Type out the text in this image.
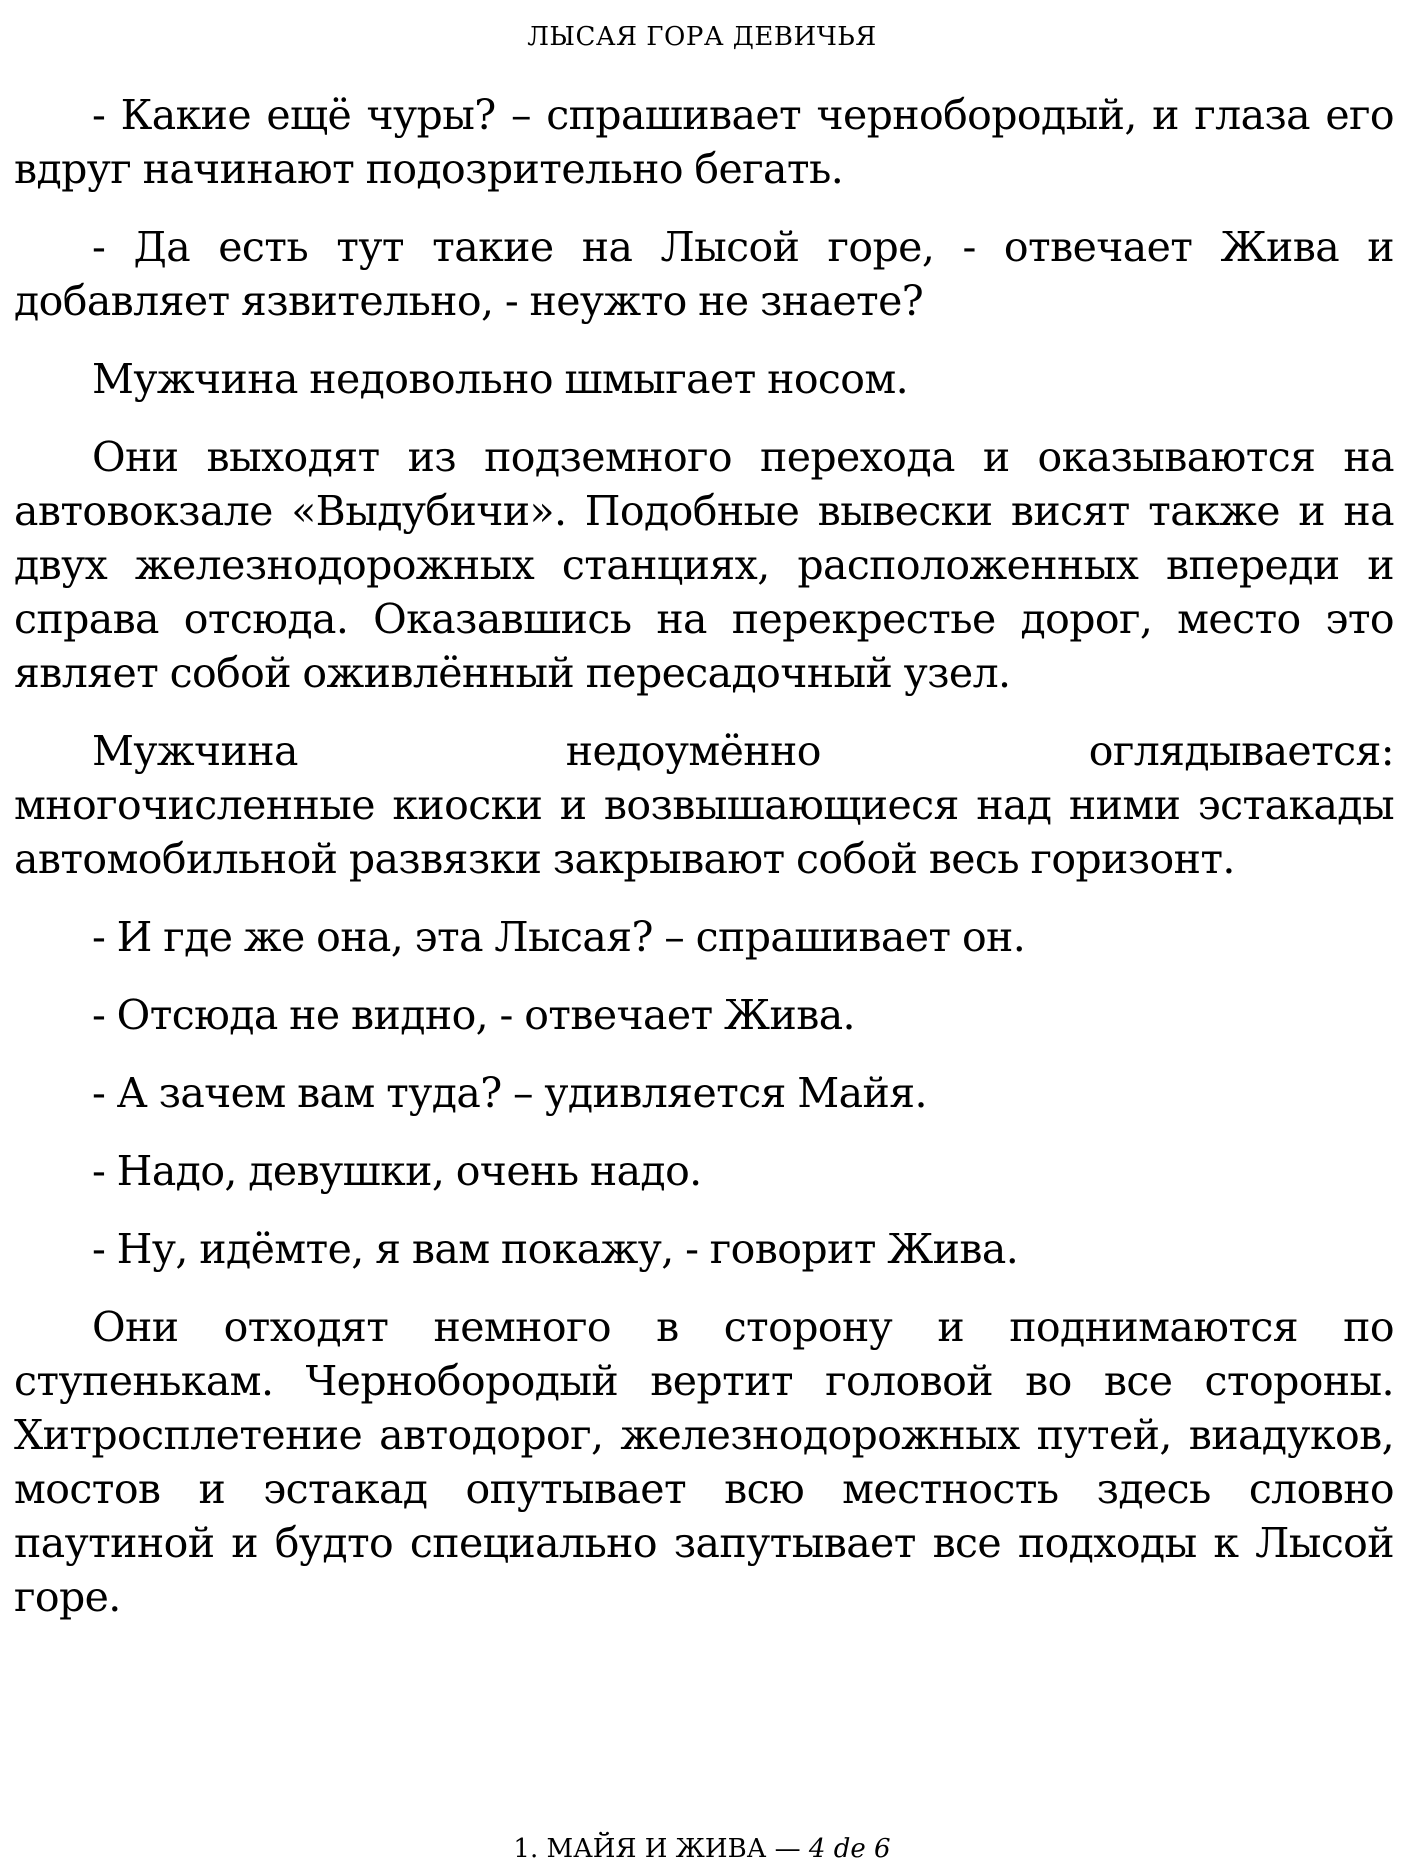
ЛЫСАЯ ГОРА ДЕВИЧЬЯ

- Какие ещё чуры? – спрашивает чернобородый, и глаза его вдруг начинают подозрительно бегать.

- Да есть тут такие на Лысой горе, - отвечает Жива и добавляет язвительно, - неужто не знаете?

Мужчина недовольно шмыгает носом.

Они выходят из подземного перехода и оказываются на автовокзале «Выдубичи». Подобные вывески висят также и на двух железнодорожных станциях, расположенных впереди и справа отсюда. Оказавшись на перекрестье дорог, место это являет собой оживлённый пересадочный узел.

Мужчина недоумённо оглядывается:

многочисленные киоски и возвышающиеся над ними эстакады автомобильной развязки закрывают собой весь горизонт.

- И где же она, эта Лысая? – спрашивает он.

- Отсюда не видно, - отвечает Жива.

- А зачем вам туда? – удивляется Майя.

- Надо, девушки, очень надо.

- Ну, идёмте, я вам покажу, - говорит Жива.

Они отходят немного в сторону и поднимаются по ступенькам. Чернобородый вертит головой во все стороны. Хитросплетение автодорог, железнодорожных путей, виадуков, мостов и эстакад опутывает всю местность здесь словно паутиной и будто специально запутывает все подходы к Лысой горе.

1. МАЙЯ И ЖИВА — 4 de 6
